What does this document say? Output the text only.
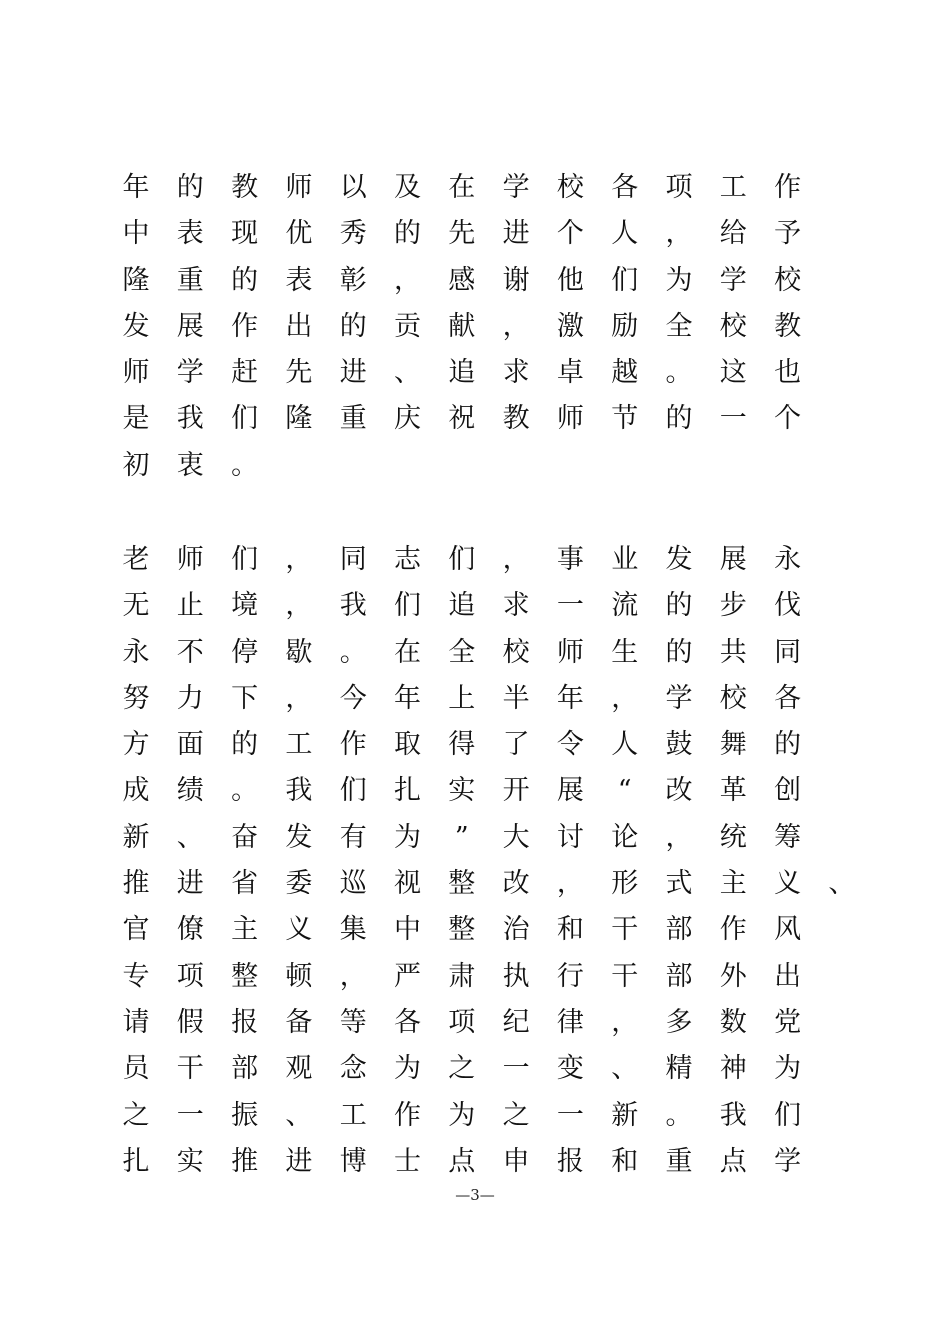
年 的 教 师 以 及 在 学 校 各 项 工 作
中 表 现 优 秀 的 先 进 个 人 ， 给 予
隆 重 的 表 彰 ， 感 谢 他 们 为 学 校
发 展 作 出 的 贡 献 ， 激 励 全 校 教
师 学 赶 先 进 、 追 求 卓 越 。 这 也
是 我 们 隆 重 庆 祝 教 师 节 的 一 个
初 衷 。
老 师 们 ， 同 志 们 ， 事 业 发 展 永
无 止 境 ， 我 们 追 求 一 流 的 步 伐
永 不 停 歇 。 在 全 校 师 生 的 共 同
努 力 下 ， 今 年 上 半 年 ， 学 校 各
方 面 的 工 作 取 得 了 令 人 鼓 舞 的
成 绩 。 我 们 扎 实 开 展 “ 改 革 创
新 、 奋 发 有 为 ” 大 讨 论 ， 统 筹
推 进 省 委 巡 视 整 改 ， 形 式 主 义 、
官 僚 主 义 集 中 整 治 和 干 部 作 风
专 项 整 顿 ， 严 肃 执 行 干 部 外 出
请 假 报 备 等 各 项 纪 律 ， 多 数 党
员 干 部 观 念 为 之 一 变 、 精 神 为
之 一 振 、 工 作 为 之 一 新 。 我 们
扎 实 推 进 博 士 点 申 报 和 重 点 学
—3—
